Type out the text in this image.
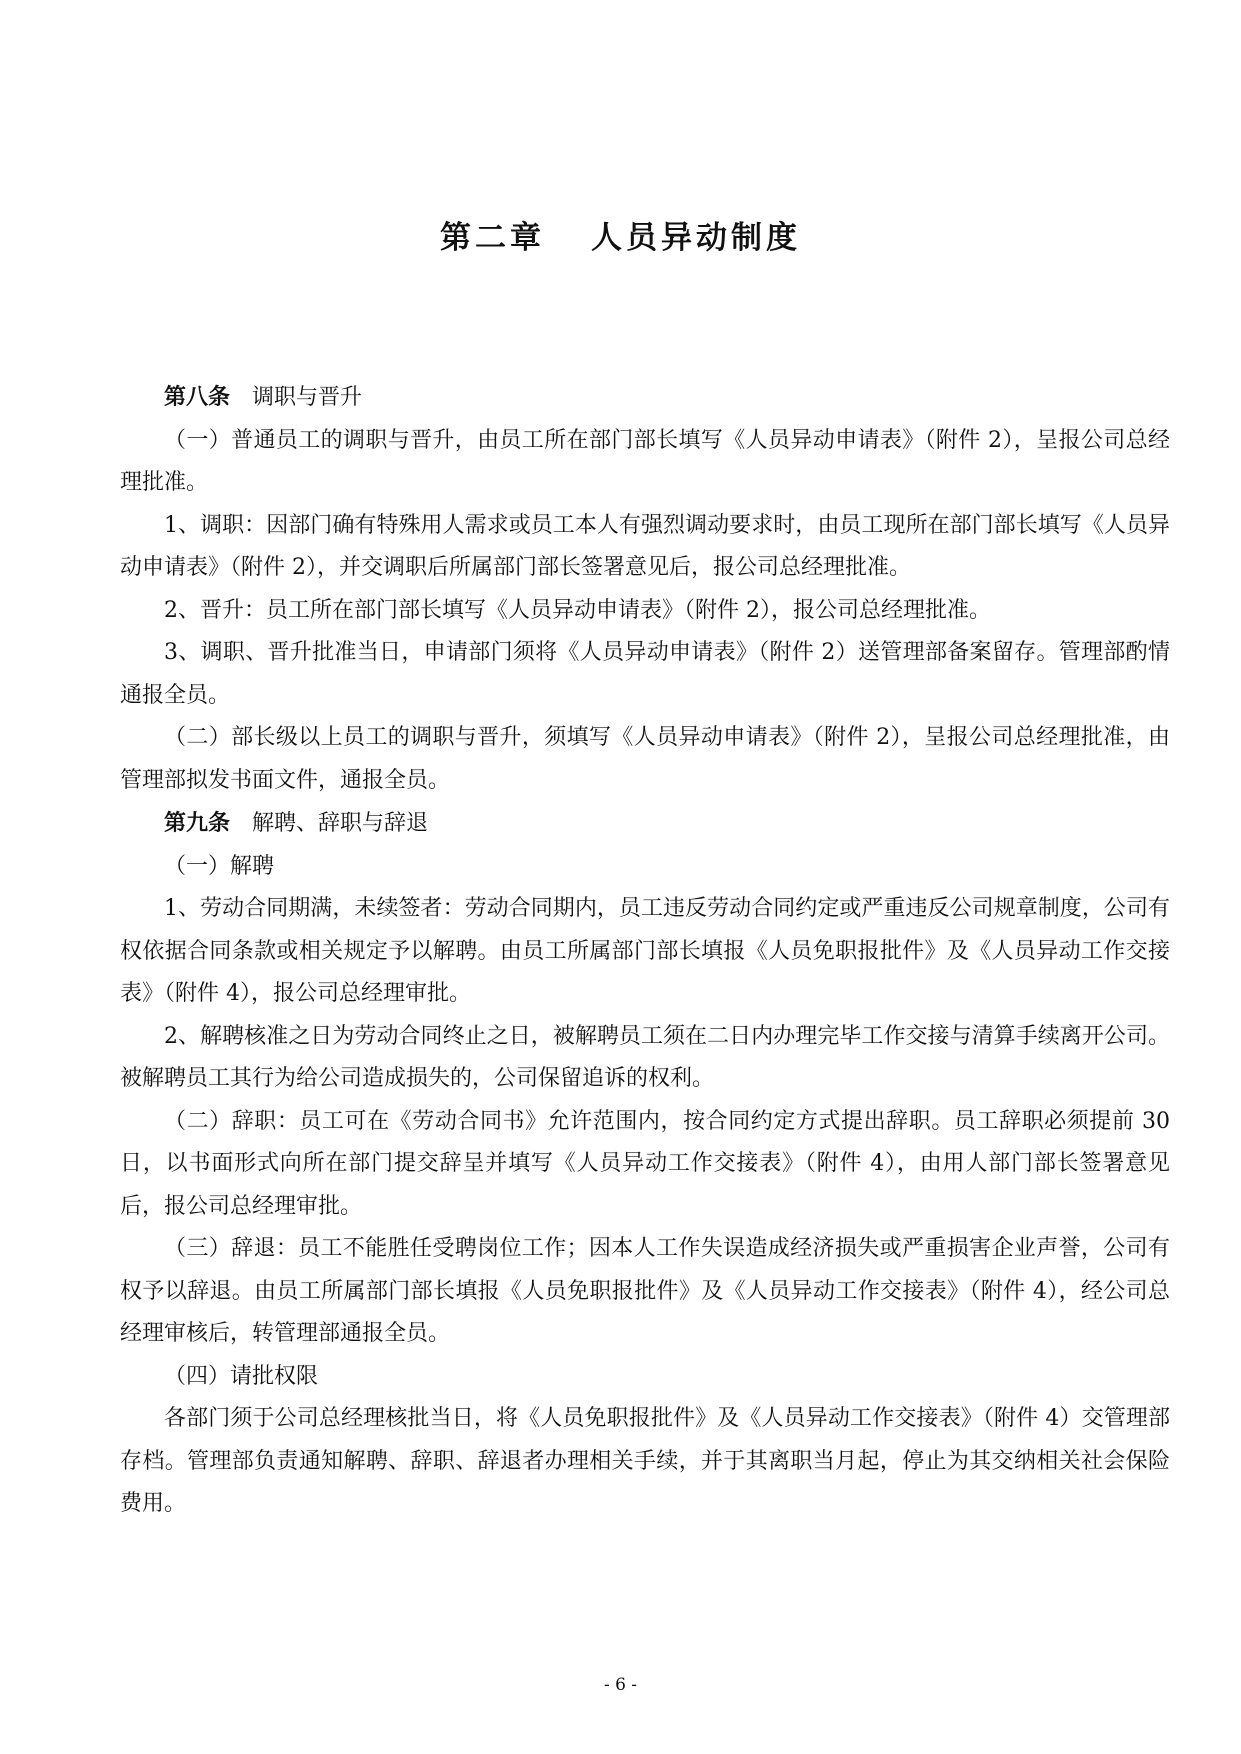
第二章 人员异动制度

第八条 调职与晋升

（一）普通员工的调职与晋升，由员工所在部门部长填写《人员异动申请表》（附件 2），呈报公司总经理批准。

1、调职：因部门确有特殊用人需求或员工本人有强烈调动要求时，由员工现所在部门部长填写《人员异动申请表》（附件 2），并交调职后所属部门部长签署意见后，报公司总经理批准。

2、晋升：员工所在部门部长填写《人员异动申请表》（附件 2），报公司总经理批准。

3、调职、晋升批准当日，申请部门须将《人员异动申请表》（附件 2）送管理部备案留存。管理部酌情通报全员。

（二）部长级以上员工的调职与晋升，须填写《人员异动申请表》（附件 2），呈报公司总经理批准，由管理部拟发书面文件，通报全员。

第九条 解聘、辞职与辞退

（一）解聘

1、劳动合同期满，未续签者：劳动合同期内，员工违反劳动合同约定或严重违反公司规章制度，公司有权依据合同条款或相关规定予以解聘。由员工所属部门部长填报《人员免职报批件》及《人员异动工作交接表》（附件 4），报公司总经理审批。

2、解聘核准之日为劳动合同终止之日，被解聘员工须在二日内办理完毕工作交接与清算手续离开公司。被解聘员工其行为给公司造成损失的，公司保留追诉的权利。

（二）辞职：员工可在《劳动合同书》允许范围内，按合同约定方式提出辞职。员工辞职必须提前 30 日，以书面形式向所在部门提交辞呈并填写《人员异动工作交接表》（附件 4），由用人部门部长签署意见后，报公司总经理审批。

（三）辞退：员工不能胜任受聘岗位工作；因本人工作失误造成经济损失或严重损害企业声誉，公司有权予以辞退。由员工所属部门部长填报《人员免职报批件》及《人员异动工作交接表》（附件 4），经公司总经理审核后，转管理部通报全员。

（四）请批权限

各部门须于公司总经理核批当日，将《人员免职报批件》及《人员异动工作交接表》（附件 4）交管理部存档。管理部负责通知解聘、辞职、辞退者办理相关手续，并于其离职当月起，停止为其交纳相关社会保险费用。

- 6 -
